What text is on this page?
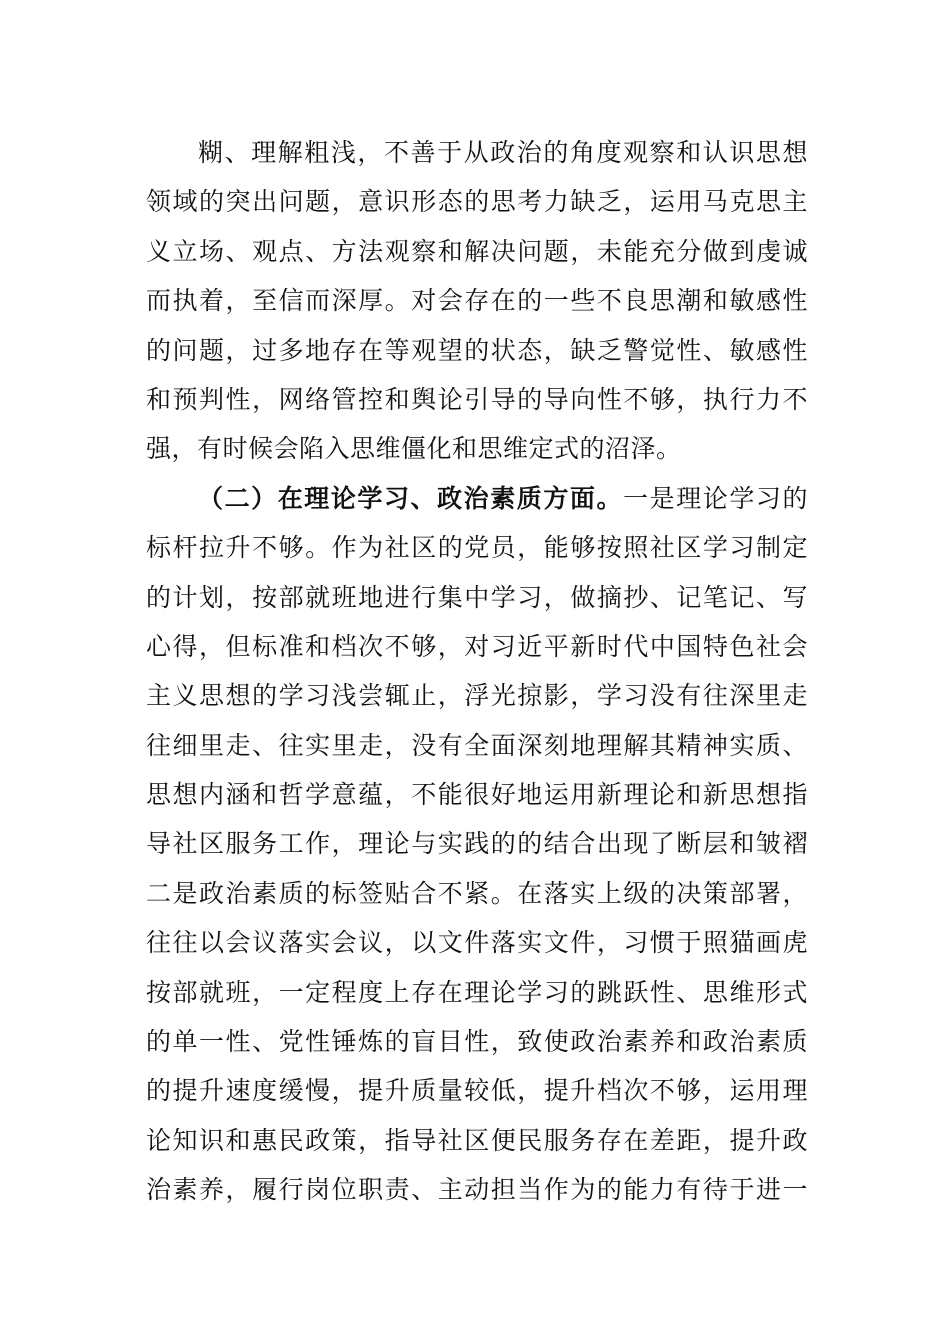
糊、理解粗浅，不善于从政治的角度观察和认识思想
领域的突出问题，意识形态的思考力缺乏，运用马克思主
义立场、观点、方法观察和解决问题，未能充分做到虔诚
而执着，至信而深厚。对会存在的一些不良思潮和敏感性
的问题，过多地存在等观望的状态，缺乏警觉性、敏感性
和预判性，网络管控和舆论引导的导向性不够，执行力不
强，有时候会陷入思维僵化和思维定式的沼泽。
（二）在理论学习、政治素质方面。一是理论学习的
标杆拉升不够。作为社区的党员，能够按照社区学习制定
的计划，按部就班地进行集中学习，做摘抄、记笔记、写
心得，但标准和档次不够，对习近平新时代中国特色社会
主义思想的学习浅尝辄止，浮光掠影，学习没有往深里走
往细里走、往实里走，没有全面深刻地理解其精神实质、
思想内涵和哲学意蕴，不能很好地运用新理论和新思想指
导社区服务工作，理论与实践的的结合出现了断层和皱褶
二是政治素质的标签贴合不紧。在落实上级的决策部署，
往往以会议落实会议，以文件落实文件，习惯于照猫画虎
按部就班，一定程度上存在理论学习的跳跃性、思维形式
的单一性、党性锤炼的盲目性，致使政治素养和政治素质
的提升速度缓慢，提升质量较低，提升档次不够，运用理
论知识和惠民政策，指导社区便民服务存在差距，提升政
治素养，履行岗位职责、主动担当作为的能力有待于进一
